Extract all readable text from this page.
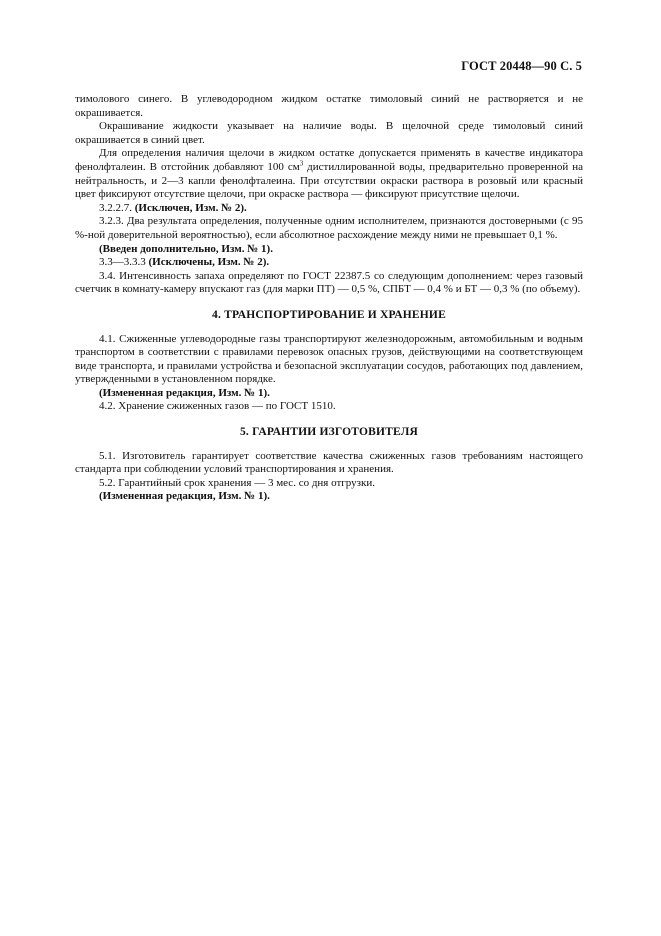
ГОСТ 20448—90 С. 5

тимолового синего. В углеводородном жидком остатке тимоловый синий не растворяется и не окрашивается.

Окрашивание жидкости указывает на наличие воды. В щелочной среде тимоловый синий окрашивается в синий цвет.

Для определения наличия щелочи в жидком остатке допускается применять в качестве индикатора фенолфталеин. В отстойник добавляют 100 $см^3$ дистиллированной воды, предварительно проверенной на нейтральность, и 2—3 капли фенолфталеина. При отсутствии окраски раствора в розовый или красный цвет фиксируют отсутствие щелочи, при окраске раствора — фиксируют присутствие щелочи.

3.2.2.7. (Исключен, Изм. № 2).

3.2.3. Два результата определения, полученные одним исполнителем, признаются достоверными (с 95 %-ной доверительной вероятностью), если абсолютное расхождение между ними не превышает 0,1 %.

(Введен дополнительно, Изм. № 1).

3.3—3.3.3 (Исключены, Изм. № 2).

3.4. Интенсивность запаха определяют по ГОСТ 22387.5 со следующим дополнением: через газовый счетчик в комнату-камеру впускают газ (для марки ПТ) — 0,5 %, СПБТ — 0,4 % и БТ — 0,3 % (по объему).

4. ТРАНСПОРТИРОВАНИЕ И ХРАНЕНИЕ

4.1. Сжиженные углеводородные газы транспортируют железнодорожным, автомобильным и водным транспортом в соответствии с правилами перевозок опасных грузов, действующими на соответствующем виде транспорта, и правилами устройства и безопасной эксплуатации сосудов, работающих под давлением, утвержденными в установленном порядке.

(Измененная редакция, Изм. № 1).

4.2. Хранение сжиженных газов — по ГОСТ 1510.

5. ГАРАНТИИ ИЗГОТОВИТЕЛЯ

5.1. Изготовитель гарантирует соответствие качества сжиженных газов требованиям настоящего стандарта при соблюдении условий транспортирования и хранения.

5.2. Гарантийный срок хранения — 3 мес. со дня отгрузки.

(Измененная редакция, Изм. № 1).
